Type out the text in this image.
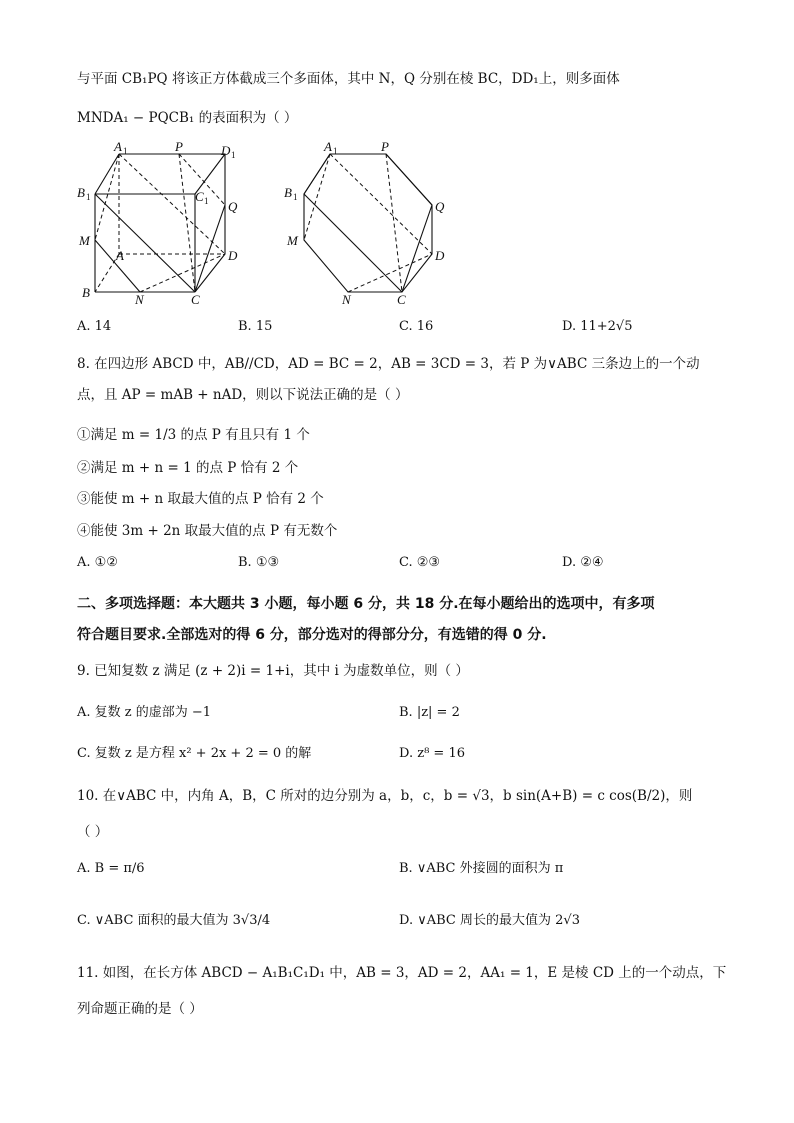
与平面 CB₁PQ 将该正方体截成三个多面体，其中 N，Q 分别在棱 BC，DD₁上，则多面体
MNDA₁ − PQCB₁ 的表面积为（ ）
A 1	P	D 1
B 1	C 1 Q
M
A	D
B	N	C
A 1	P
B 1
Q
M
D
N	C
A. 14	B. 15	C. 16	D. 11+2√5
8. 在四边形 ABCD 中，AB//CD，AD = BC = 2，AB = 3CD = 3，若 P 为∨ABC 三条边上的一个动
点，且 AP = mAB + nAD，则以下说法正确的是（ ）
①满足 m = 1/3 的点 P 有且只有 1 个
②满足 m + n = 1 的点 P 恰有 2 个
③能使 m + n 取最大值的点 P 恰有 2 个
④能使 3m + 2n 取最大值的点 P 有无数个
A. ①②	B. ①③	C. ②③	D. ②④
二、多项选择题：本大题共 3 小题，每小题 6 分，共 18 分.在每小题给出的选项中，有多项
符合题目要求.全部选对的得 6 分，部分选对的得部分分，有选错的得 0 分.
9. 已知复数 z 满足 (z + 2)i = 1+i，其中 i 为虚数单位，则（ ）
A. 复数 z 的虚部为 −1	B. |z| = 2
C. 复数 z 是方程 x² + 2x + 2 = 0 的解	D. z⁸ = 16
10. 在∨ABC 中，内角 A，B，C 所对的边分别为 a，b，c，b = √3，b sin(A+B) = c cos(B/2)，则
（ ）
A. B = π/6	B. ∨ABC 外接圆的面积为 π
C. ∨ABC 面积的最大值为 3√3/4	D. ∨ABC 周长的最大值为 2√3
11. 如图，在长方体 ABCD − A₁B₁C₁D₁ 中，AB = 3，AD = 2，AA₁ = 1，E 是棱 CD 上的一个动点，下
列命题正确的是（ ）
